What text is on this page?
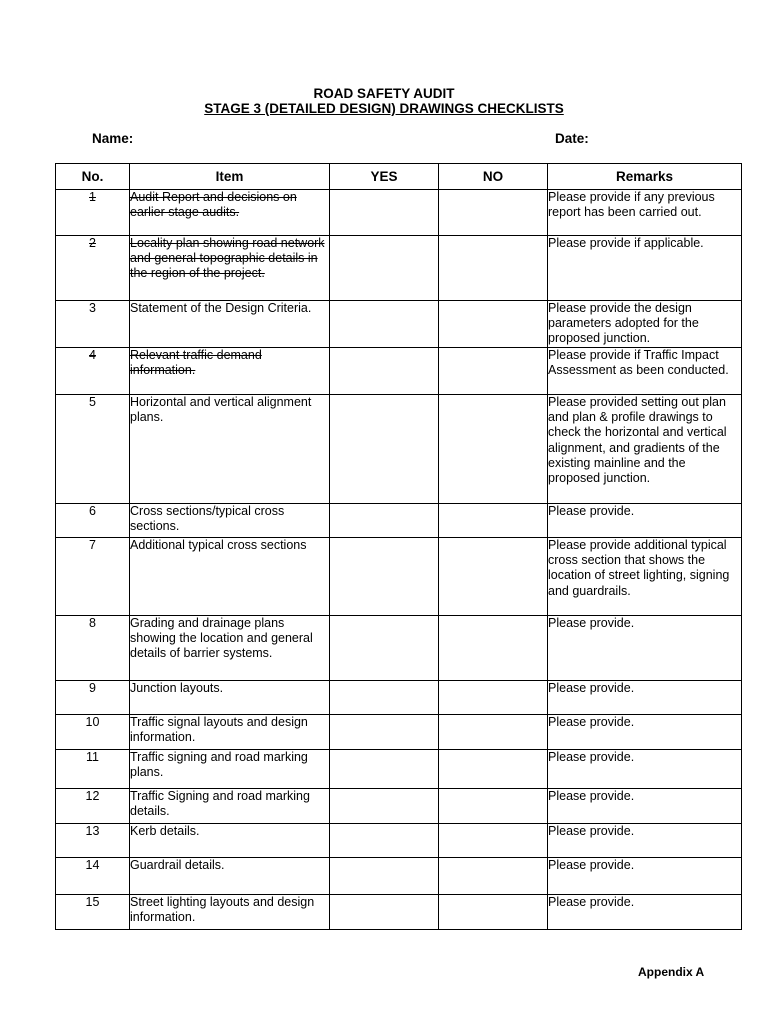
ROAD SAFETY AUDIT
STAGE 3 (DETAILED DESIGN) DRAWINGS CHECKLISTS
Name:	Date:
No.	Item	YES	NO	Remarks
1	Audit Report and decisions on earlier stage audits.			Please provide if any previous report has been carried out.
2	Locality plan showing road network and general topographic details in the region of the project.			Please provide if applicable.
3	Statement of the Design Criteria.			Please provide the design parameters adopted for the proposed junction.
4	Relevant traffic demand information.			Please provide if Traffic Impact Assessment as been conducted.
5	Horizontal and vertical alignment plans.			Please provided setting out plan and plan & profile drawings to check the horizontal and vertical alignment, and gradients of the existing mainline and the proposed junction.
6	Cross sections/typical cross sections.			Please provide.
7	Additional typical cross sections			Please provide additional typical cross section that shows the location of street lighting, signing and guardrails.
8	Grading and drainage plans showing the location and general details of barrier systems.			Please provide.
9	Junction layouts.			Please provide.
10	Traffic signal layouts and design information.			Please provide.
11	Traffic signing and road marking plans.			Please provide.
12	Traffic Signing and road marking details.			Please provide.
13	Kerb details.			Please provide.
14	Guardrail details.			Please provide.
15	Street lighting layouts and design information.			Please provide.
Appendix A
